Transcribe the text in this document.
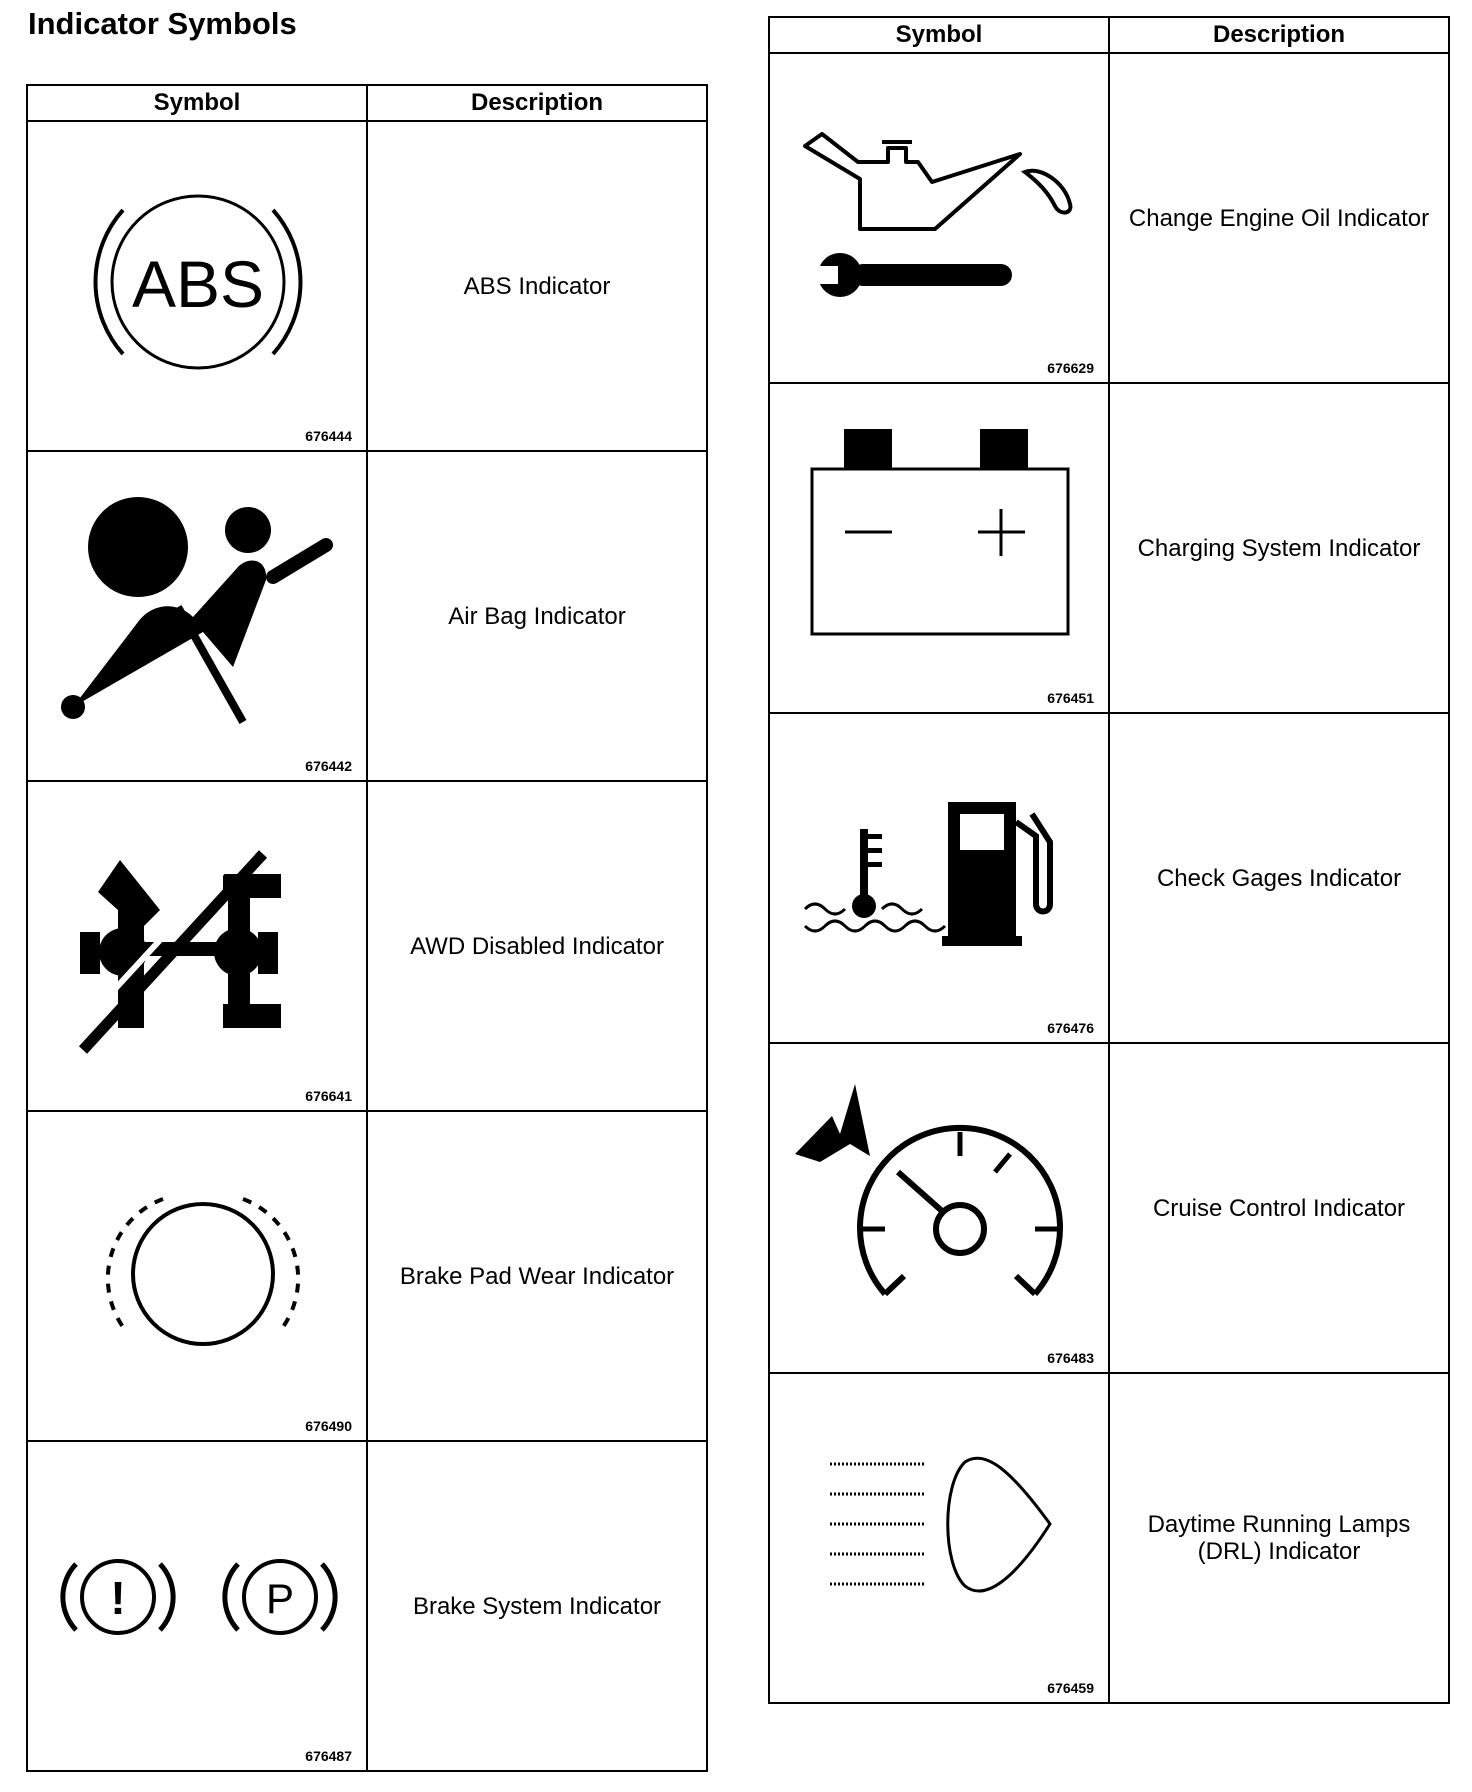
Indicator Symbols
Symbol	Description

ABS
676444	ABS Indicator

676442	Air Bag Indicator

676641	AWD Disabled Indicator

676490	Brake Pad Wear Indicator

! P
676487	Brake System Indicator
Symbol	Description

676629	Change Engine Oil Indicator

676451	Charging System Indicator

676476	Check Gages Indicator

676483	Cruise Control Indicator

676459	Daytime Running Lamps (DRL) Indicator
